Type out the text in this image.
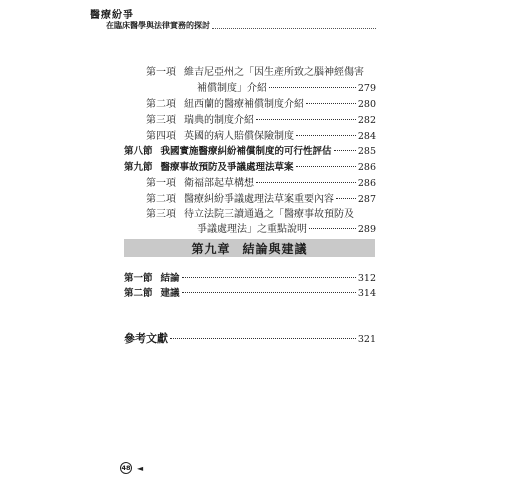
醫療紛爭
在臨床醫學與法律實務的探討
第一項 維吉尼亞州之「因生產所致之腦神經傷害
補償制度」介紹	279
第二項 紐西蘭的醫療補償制度介紹	280
第三項 瑞典的制度介紹	282
第四項 英國的病人賠償保險制度	284
第八節 我國實施醫療糾紛補償制度的可行性評估	285
第九節 醫療事故預防及爭議處理法草案	286
第一項 衛福部起草構想	286
第二項 醫療糾紛爭議處理法草案重要內容	287
第三項 待立法院三讀通過之「醫療事故預防及
爭議處理法」之重點說明	289
第九章 結論與建議
第一節 結論	312
第二節 建議	314
參考文獻	321
48 ◄
